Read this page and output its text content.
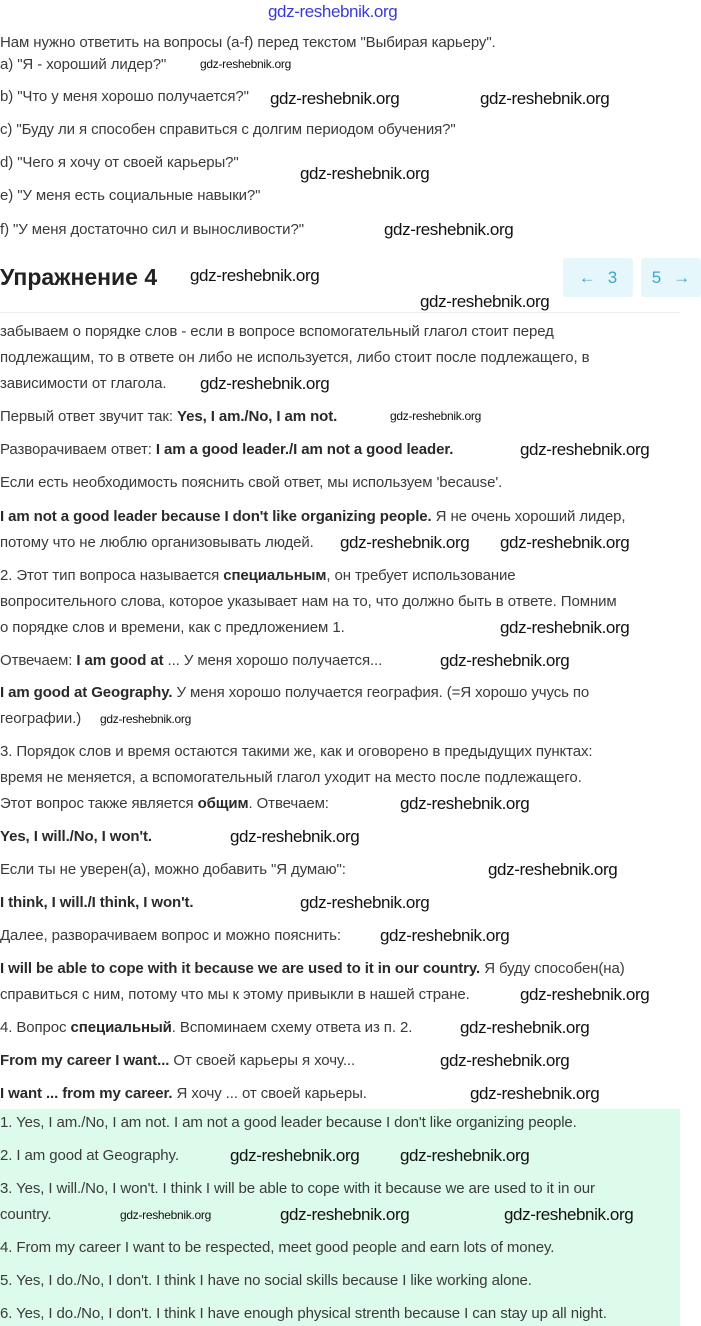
Нам нужно ответить на вопросы (a-f) перед текстом "Выбирая карьеру".
a) "Я - хороший лидер?"
b) "Что у меня хорошо получается?"
c) "Буду ли я способен справиться с долгим периодом обучения?"
d) "Чего я хочу от своей карьеры?"
e) "У меня есть социальные навыки?"
f) "У меня достаточно сил и выносливости?"
Упражнение 4	← 3 5 →
забываем о порядке слов - если в вопросе вспомогательный глагол стоит перед
подлежащим, то в ответе он либо не используется, либо стоит после подлежащего, в
зависимости от глагола.
Первый ответ звучит так: Yes, I am./No, I am not.
Разворачиваем ответ: I am a good leader./I am not a good leader.
Если есть необходимость пояснить свой ответ, мы используем 'because'.
I am not a good leader because I don't like organizing people. Я не очень хороший лидер,
потому что не люблю организовывать людей.
2. Этот тип вопроса называется специальным, он требует использование
вопросительного слова, которое указывает нам на то, что должно быть в ответе. Помним
о порядке слов и времени, как с предложением 1.
Отвечаем: I am good at ... У меня хорошо получается...
I am good at Geography. У меня хорошо получается география. (=Я хорошо учусь по
географии.)
3. Порядок слов и время остаются такими же, как и оговорено в предыдущих пунктах:
время не меняется, а вспомогательный глагол уходит на место после подлежащего.
Этот вопрос также является общим. Отвечаем:
Yes, I will./No, I won't.
Если ты не уверен(а), можно добавить "Я думаю":
I think, I will./I think, I won't.
Далее, разворачиваем вопрос и можно пояснить:
I will be able to cope with it because we are used to it in our country. Я буду способен(на)
справиться с ним, потому что мы к этому привыкли в нашей стране.
4. Вопрос специальный. Вспоминаем схему ответа из п. 2.
From my career I want... От своей карьеры я хочу...
I want ... from my career. Я хочу ... от своей карьеры.
1. Yes, I am./No, I am not. I am not a good leader because I don't like organizing people.
2. I am good at Geography.
3. Yes, I will./No, I won't. I think I will be able to cope with it because we are used to it in our
country.
4. From my career I want to be respected, meet good people and earn lots of money.
5. Yes, I do./No, I don't. I think I have no social skills because I like working alone.
6. Yes, I do./No, I don't. I think I have enough physical strenth because I can stay up all night.
gdz-reshebnik.org
gdz-reshebnik.org
gdz-reshebnik.org	gdz-reshebnik.org
gdz-reshebnik.org
gdz-reshebnik.org
gdz-reshebnik.org
gdz-reshebnik.org
gdz-reshebnik.org
gdz-reshebnik.org
gdz-reshebnik.org
gdz-reshebnik.org gdz-reshebnik.org
gdz-reshebnik.org
gdz-reshebnik.org
gdz-reshebnik.org
gdz-reshebnik.org
gdz-reshebnik.org
gdz-reshebnik.org
gdz-reshebnik.org
gdz-reshebnik.org
gdz-reshebnik.org
gdz-reshebnik.org
gdz-reshebnik.org
gdz-reshebnik.org
gdz-reshebnik.org gdz-reshebnik.org
gdz-reshebnik.org
gdz-reshebnik.org	gdz-reshebnik.org
